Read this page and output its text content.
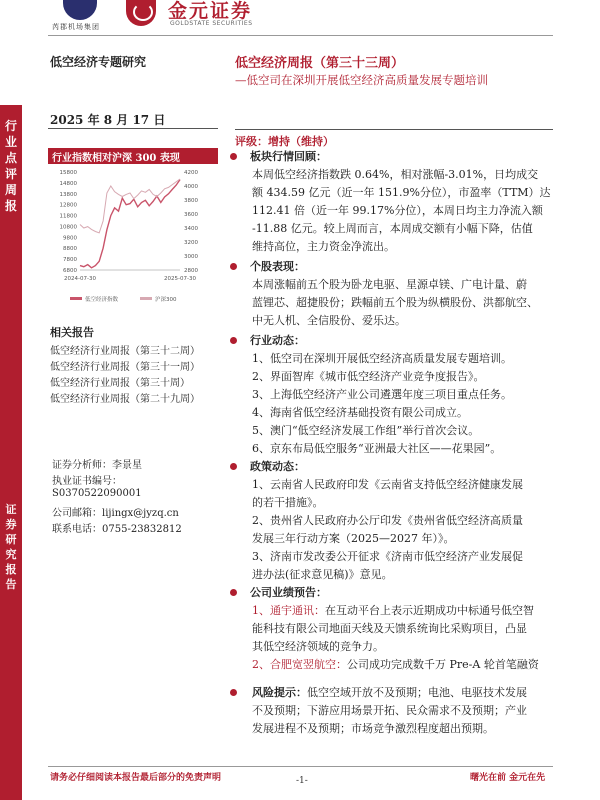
芮郡机场集团
金元证券
GOLDSTATE SECURITIES
行业点评周报
证券研究报告
低空经济专题研究
2025 年 8 月 17 日
低空经济周报（第三十三周）
—低空司在深圳开展低空经济高质量发展专题培训
评级：增持（维持）
行业指数相对沪深 300 表现
15800
14800
13800
12800
11800
10800
9800
8800
7800
6800
4200
4000
3800
3600
3400
3200
3000
2800
2024-07-30	2025-07-30
低空经济指数	沪深300
相关报告
低空经济行业周报（第三十二周）
低空经济行业周报（第三十一周）
低空经济行业周报（第三十周）
低空经济行业周报（第二十九周）
证券分析师：李景星
执业证书编号：
S0370522090001
公司邮箱：lijingx@jyzq.cn
联系电话：0755-23832812
板块行情回顾：
本周低空经济指数跌 0.64%，相对涨幅-3.01%，日均成交
额 434.59 亿元（近一年 151.9%分位），市盈率（TTM）达
112.41 倍（近一年 99.17%分位），本周日均主力净流入额
-11.88 亿元。较上周而言，本周成交额有小幅下降，估值
维持高位，主力资金净流出。
个股表现：
本周涨幅前五个股为卧龙电驱、星源卓镁、广电计量、蔚
蓝锂芯、超捷股份；跌幅前五个股为纵横股份、洪都航空、
中无人机、全信股份、爱乐达。
行业动态：
1、低空司在深圳开展低空经济高质量发展专题培训。
2、界面智库《城市低空经济产业竞争度报告》。
3、上海低空经济产业公司遴選年度三项目重点任务。
4、海南省低空经济基础投资有限公司成立。
5、澳门“低空经济发展工作组”举行首次会议。
6、京东布局低空服务“亚洲最大社区——花果园”。
政策动态：
1、云南省人民政府印发《云南省支持低空经济健康发展
的若干措施》。
2、贵州省人民政府办公厅印发《贵州省低空经济高质量
发展三年行动方案（2025—2027 年）》。
3、济南市发改委公开征求《济南市低空经济产业发展促
进办法(征求意见稿)》意见。
公司业绩预告：
1、通宇通讯：在互动平台上表示近期成功中标通号低空智
能科技有限公司地面天线及天馈系统询比采购项目，凸显
其低空经济领域的竞争力。
2、合肥宽翌航空：公司成功完成数千万 Pre-A 轮首笔融资
风险提示：低空空域开放不及预期；电池、电驱技术发展
不及预期；下游应用场景开拓、民众需求不及预期；产业
发展进程不及预期；市场竞争激烈程度超出预期。
请务必仔细阅读本报告最后部分的免责声明	-1-	曙光在前 金元在先
